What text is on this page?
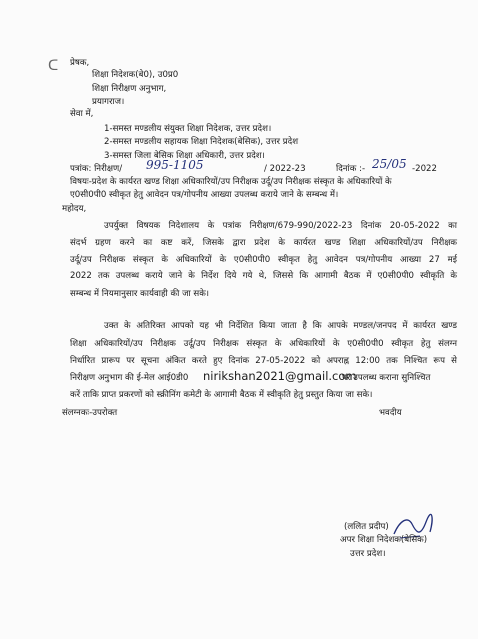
ᑕ प्रेषक,
शिक्षा निदेशक(बे0), उ0प्र0
शिक्षा निरीक्षण अनुभाग,
प्रयागराज।
सेवा में,
1-समस्त मण्डलीय संयुक्त शिक्षा निदेशक, उत्तर प्रदेश।
2-समस्त मण्डलीय सहायक शिक्षा निदेशक(बेसिक), उत्तर प्रदेश
3-समस्त जिला बेसिक शिक्षा अधिकारी, उत्तर प्रदेश।
पत्रांक: निरीक्षण/ 995-1105	/ 2022-23	दिनांक :- 25/05 -2022
विषयः-प्रदेश के कार्यरत खण्ड शिक्षा अधिकारियों/उप निरीक्षक उर्दू/उप निरीक्षक संस्कृत के अधिकारियों के
ए0सी0पी0 स्वीकृत हेतु आवेदन पत्र/गोपनीय आख्या उपलब्ध कराये जाने के सम्बन्ध में।
महोदय,
उपर्युक्त विषयक निदेशालय के पत्रांक निरीक्षण/679-990/2022-23 दिनांक 20-05-2022 का
संदर्भ ग्रहण करने का कष्ट करें, जिसके द्वारा प्रदेश के कार्यरत खण्ड शिक्षा अधिकारियों/उप निरीक्षक
उर्दू/उप निरीक्षक संस्कृत के अधिकारियों के ए0सी0पी0 स्वीकृत हेतु आवेदन पत्र/गोपनीय आख्या 27 मई
2022 तक उपलब्ध कराये जाने के निर्देश दिये गये थे, जिससे कि आगामी बैठक में ए0सी0पी0 स्वीकृति के
सम्बन्ध में नियमानुसार कार्यवाही की जा सके।
उक्त के अतिरिक्त आपको यह भी निर्देशित किया जाता है कि आपके मण्डल/जनपद में कार्यरत खण्ड
शिक्षा अधिकारियों/उप निरीक्षक उर्दू/उप निरीक्षक संस्कृत के अधिकारियों के ए0सी0पी0 स्वीकृत हेतु संलग्न
निर्धारित प्रारूप पर सूचना अंकित करते हुए दिनांक 27-05-2022 को अपराह्न 12:00 तक निश्चित रूप से
निरीक्षण अनुभाग की ई-मेल आई0डी0 nirikshan2021@gmail.com
पर उपलब्ध कराना सुनिश्चित
करें ताकि प्राप्त प्रकरणों को स्क्रीनिंग कमेटी के आगामी बैठक में स्वीकृति हेतु प्रस्तुत किया जा सके।
संलग्नकः-उपरोक्त	भवदीय
(ललित प्रदीप)
अपर शिक्षा निदेशक(बेसिक)
उत्तर प्रदेश।
